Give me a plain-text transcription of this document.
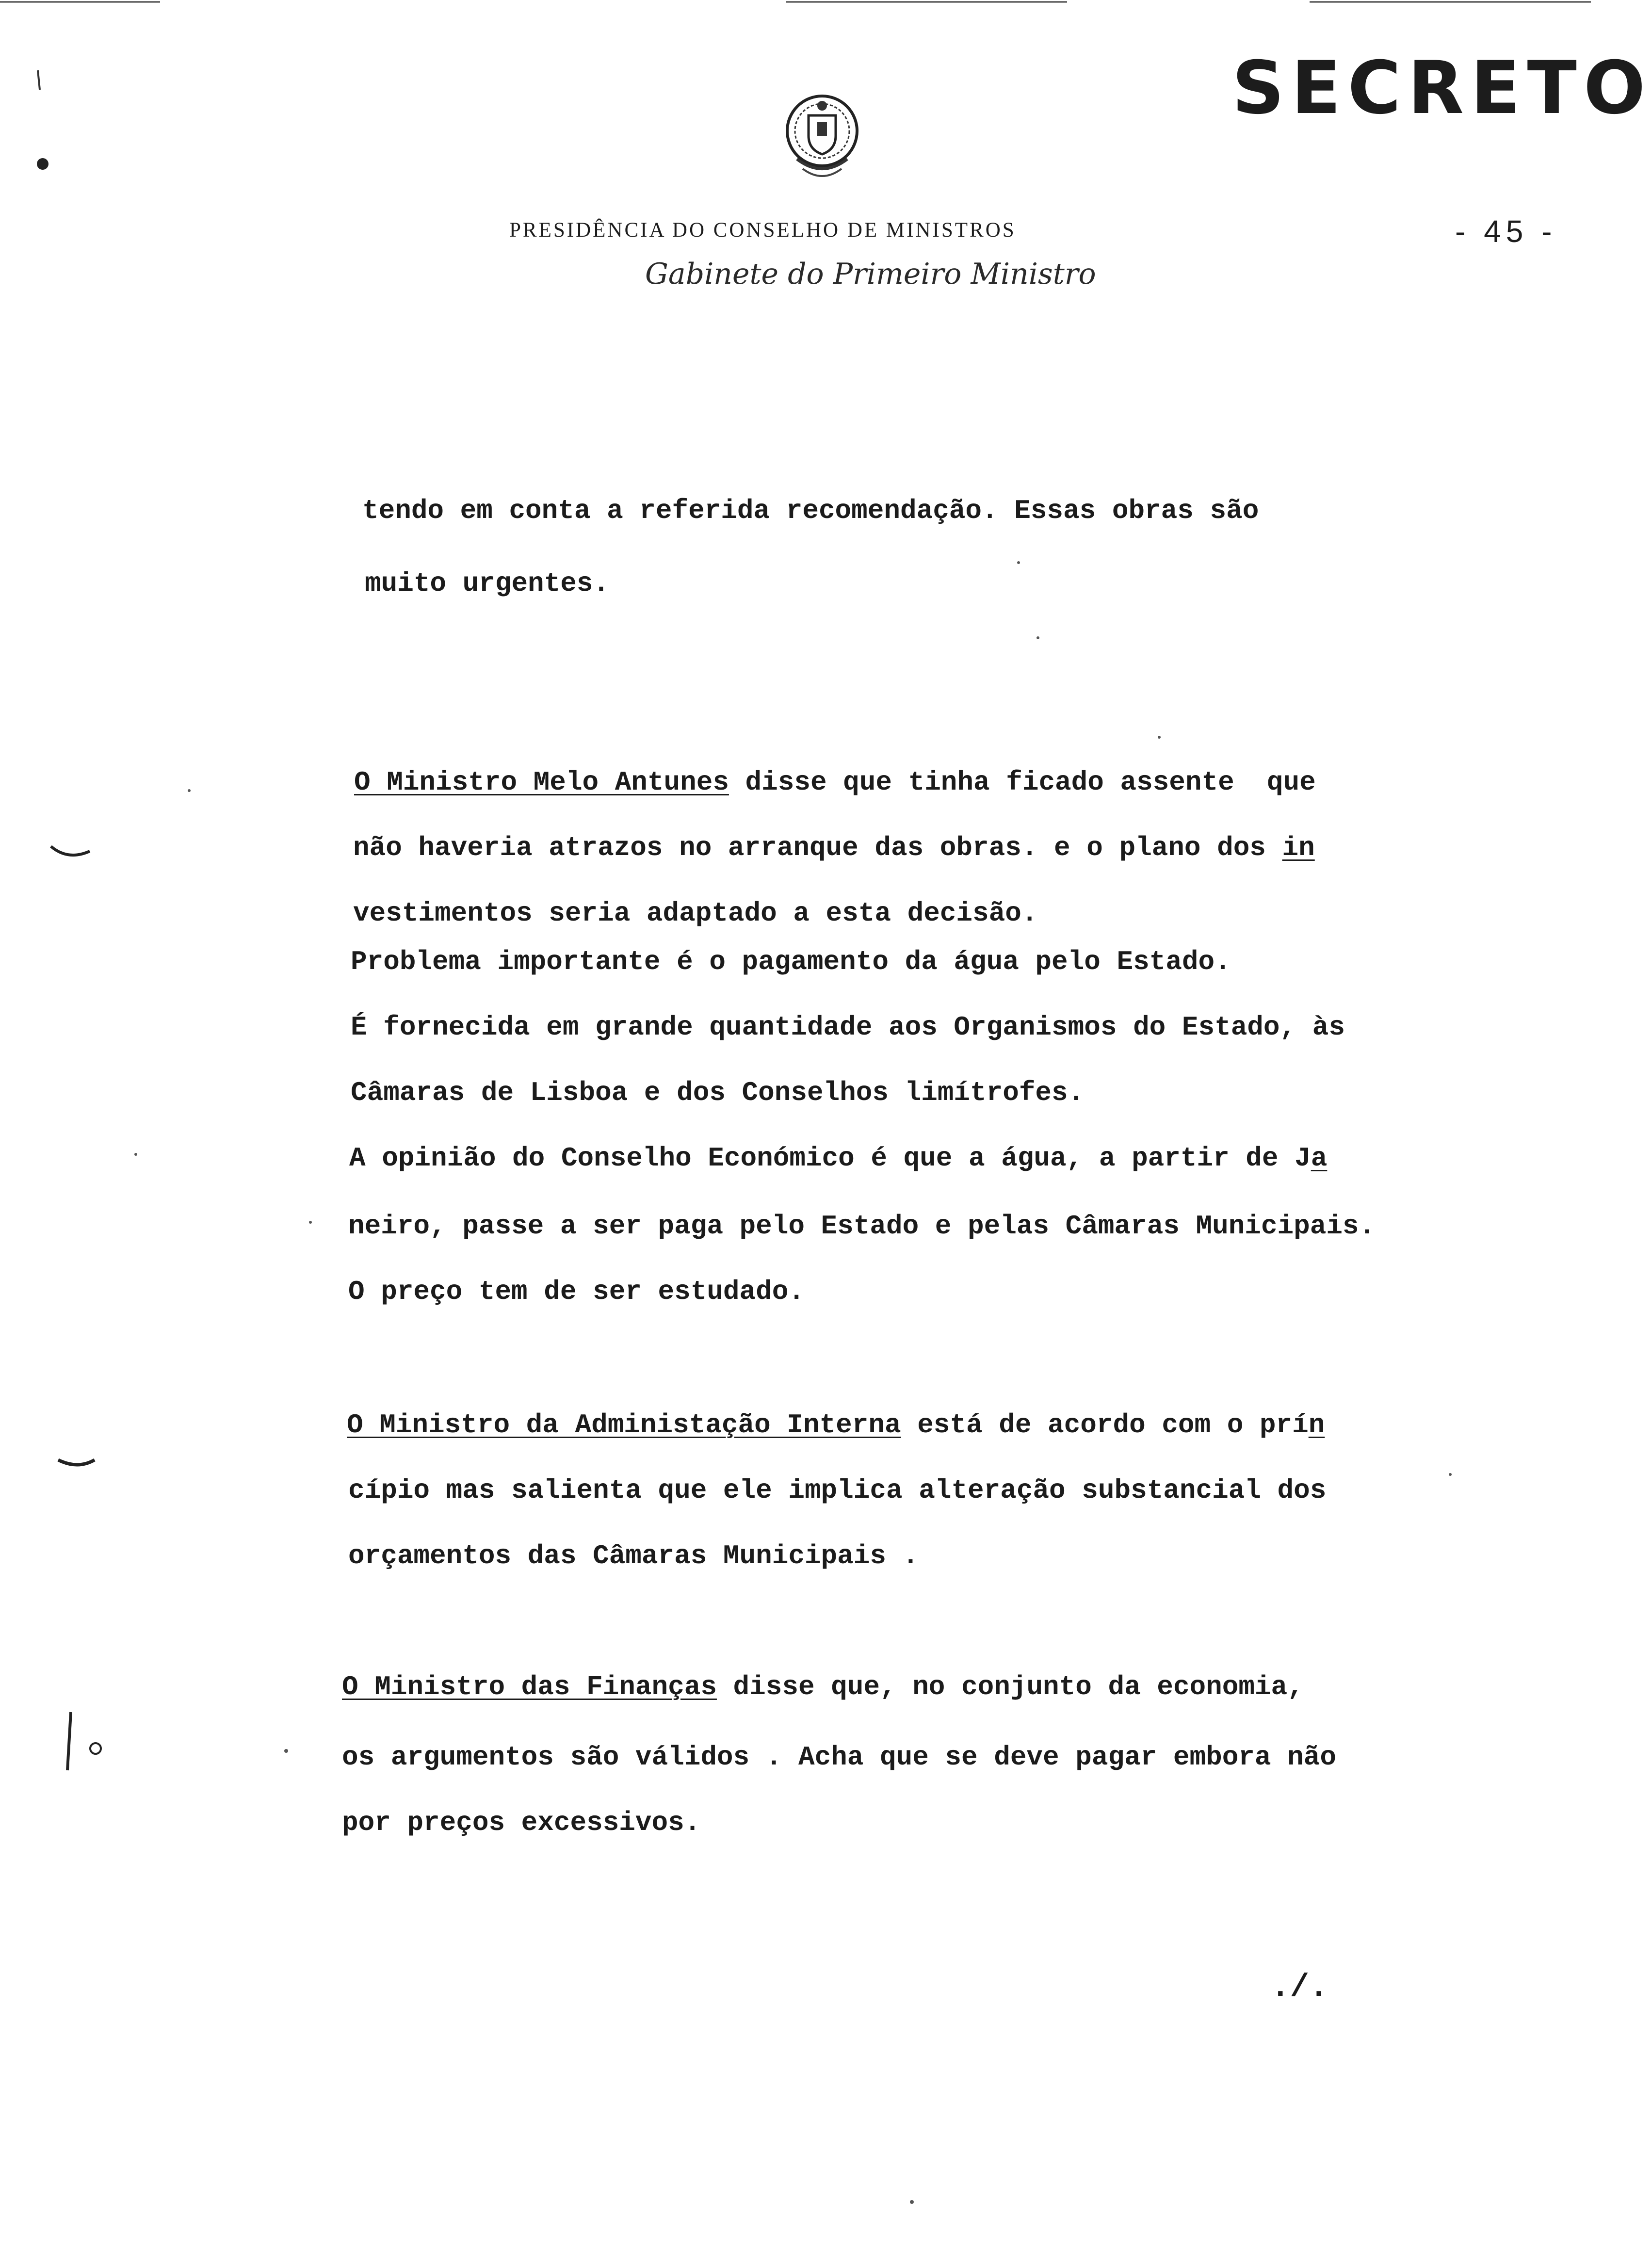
SECRETO
- 45 -
PRESIDÊNCIA DO CONSELHO DE MINISTROS
Gabinete do Primeiro Ministro
tendo em conta a referida recomendação. Essas obras são
muito urgentes.
O Ministro Melo Antunes disse que tinha ficado assente  que
não haveria atrazos no arranque das obras. e o plano dos in
vestimentos seria adaptado a esta decisão.
Problema importante é o pagamento da água pelo Estado.
É fornecida em grande quantidade aos Organismos do Estado, às
Câmaras de Lisboa e dos Conselhos limítrofes.
A opinião do Conselho Económico é que a água, a partir de Ja
neiro, passe a ser paga pelo Estado e pelas Câmaras Municipais.
O preço tem de ser estudado.
O Ministro da Administação Interna está de acordo com o prín
cípio mas salienta que ele implica alteração substancial dos
orçamentos das Câmaras Municipais .
O Ministro das Finanças disse que, no conjunto da economia,
os argumentos são válidos . Acha que se deve pagar embora não
por preços excessivos.
./.
